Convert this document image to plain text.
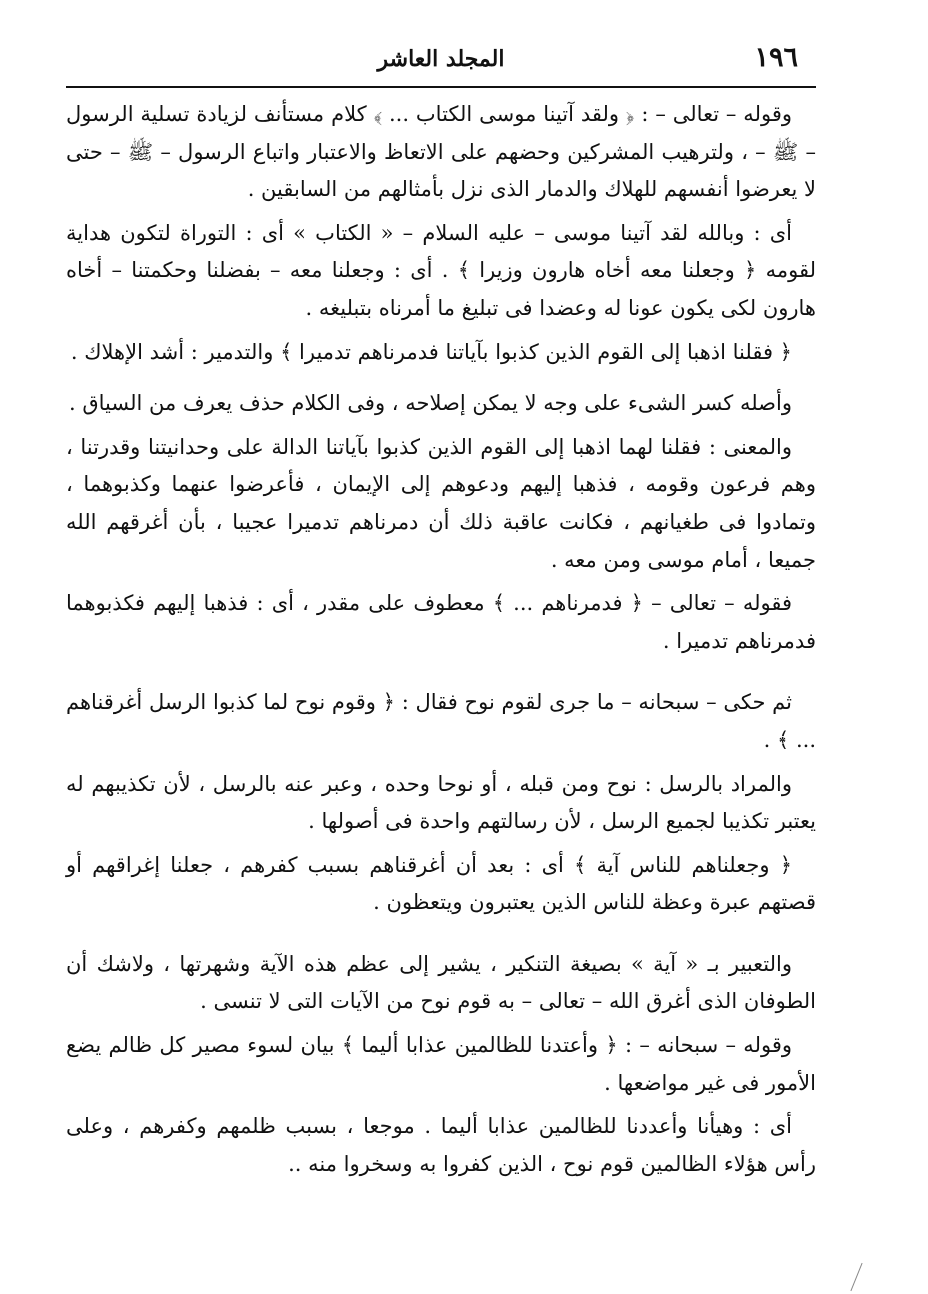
١٩٦
المجلد العاشر

وقوله – تعالى – : ﴿ ولقد آتينا موسى الكتاب ... ﴾ كلام مستأنف لزيادة تسلية الرسول – ﷺ – ، ولترهيب المشركين وحضهم على الاتعاظ والاعتبار واتباع الرسول – ﷺ – حتى لا يعرضوا أنفسهم للهلاك والدمار الذى نزل بأمثالهم من السابقين .

أى : وبالله لقد آتينا موسى – عليه السلام – « الكتاب » أى : التوراة لتكون هداية لقومه ﴿ وجعلنا معه أخاه هارون وزيرا ﴾ . أى : وجعلنا معه – بفضلنا وحكمتنا – أخاه هارون لكى يكون عونا له وعضدا فى تبليغ ما أمرناه بتبليغه .

﴿ فقلنا اذهبا إلى القوم الذين كذبوا بآياتنا فدمرناهم تدميرا ﴾ والتدمير : أشد الإهلاك .

وأصله كسر الشىء على وجه لا يمكن إصلاحه ، وفى الكلام حذف يعرف من السياق .

والمعنى : فقلنا لهما اذهبا إلى القوم الذين كذبوا بآياتنا الدالة على وحدانيتنا وقدرتنا ، وهم فرعون وقومه ، فذهبا إليهم ودعوهم إلى الإيمان ، فأعرضوا عنهما وكذبوهما ، وتمادوا فى طغيانهم ، فكانت عاقبة ذلك أن دمرناهم تدميرا عجيبا ، بأن أغرقهم الله جميعا ، أمام موسى ومن معه .

فقوله – تعالى – ﴿ فدمرناهم ... ﴾ معطوف على مقدر ، أى : فذهبا إليهم فكذبوهما فدمرناهم تدميرا .

ثم حكى – سبحانه – ما جرى لقوم نوح فقال : ﴿ وقوم نوح لما كذبوا الرسل أغرقناهم ... ﴾ .

والمراد بالرسل : نوح ومن قبله ، أو نوحا وحده ، وعبر عنه بالرسل ، لأن تكذيبهم له يعتبر تكذيبا لجميع الرسل ، لأن رسالتهم واحدة فى أصولها .

﴿ وجعلناهم للناس آية ﴾ أى : بعد أن أغرقناهم بسبب كفرهم ، جعلنا إغراقهم أو قصتهم عبرة وعظة للناس الذين يعتبرون ويتعظون .

والتعبير بـ « آية » بصيغة التنكير ، يشير إلى عظم هذه الآية وشهرتها ، ولاشك أن الطوفان الذى أغرق الله – تعالى – به قوم نوح من الآيات التى لا تنسى .

وقوله – سبحانه – : ﴿ وأعتدنا للظالمين عذابا أليما ﴾ بيان لسوء مصير كل ظالم يضع الأمور فى غير مواضعها .

أى : وهيأنا وأعددنا للظالمين عذابا أليما . موجعا ، بسبب ظلمهم وكفرهم ، وعلى رأس هؤلاء الظالمين قوم نوح ، الذين كفروا به وسخروا منه ..
